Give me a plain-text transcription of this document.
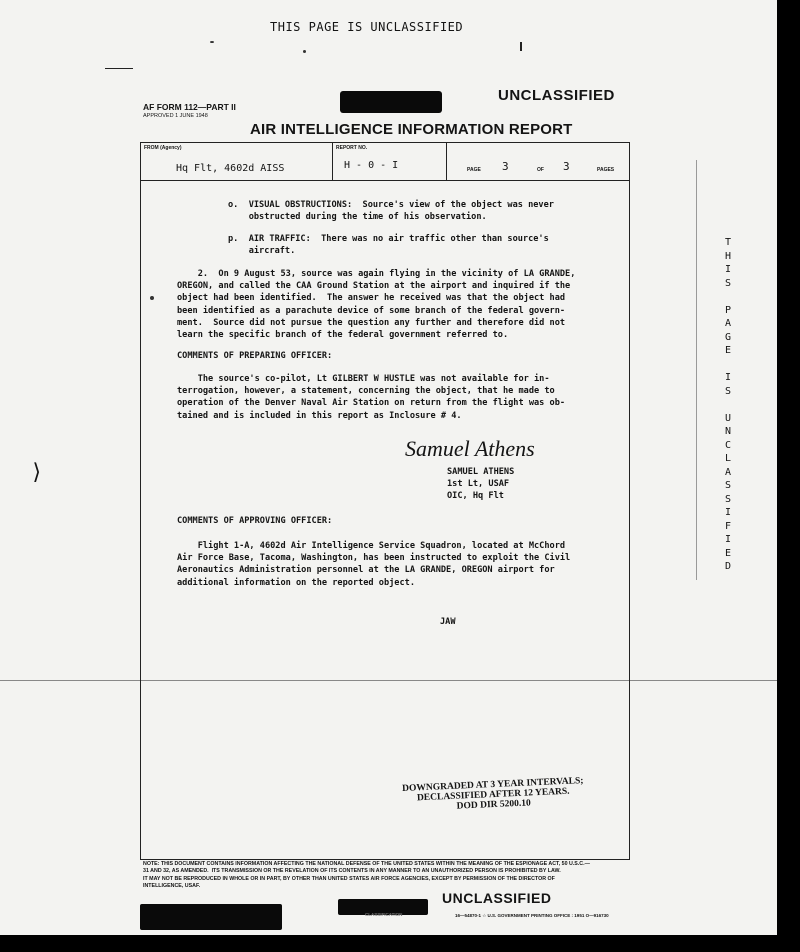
THIS PAGE IS UNCLASSIFIED
⟩
AF FORM 112—PART II
APPROVED 1 JUNE 1948
UNCLASSIFIED
AIR INTELLIGENCE INFORMATION REPORT
FROM (Agency)
Hq Flt, 4602d AISS
REPORT NO.
H - 0 - I	PAGE 3	OF 3	PAGES
o.  VISUAL OBSTRUCTIONS:  Source's view of the object was never
obstructed during the time of his observation.
p.  AIR TRAFFIC:  There was no air traffic other than source's
aircraft.
2.  On 9 August 53, source was again flying in the vicinity of LA GRANDE,
OREGON, and called the CAA Ground Station at the airport and inquired if the
object had been identified.  The answer he received was that the object had
been identified as a parachute device of some branch of the federal govern-
ment.  Source did not pursue the question any further and therefore did not
learn the specific branch of the federal government referred to.
COMMENTS OF PREPARING OFFICER:
The source's co-pilot, Lt GILBERT W HUSTLE was not available for in-
terrogation, however, a statement, concerning the object, that he made to
operation of the Denver Naval Air Station on return from the flight was ob-
tained and is included in this report as Inclosure # 4.
Samuel Athens
SAMUEL ATHENS
1st Lt, USAF
OIC, Hq Flt
COMMENTS OF APPROVING OFFICER:
Flight 1-A, 4602d Air Intelligence Service Squadron, located at McChord
Air Force Base, Tacoma, Washington, has been instructed to exploit the Civil
Aeronautics Administration personnel at the LA GRANDE, OREGON airport for
additional information on the reported object.
JAW
DOWNGRADED AT 3 YEAR INTERVALS;
DECLASSIFIED AFTER 12 YEARS.
DOD DIR 5200.10
NOTE: THIS DOCUMENT CONTAINS INFORMATION AFFECTING THE NATIONAL DEFENSE OF THE UNITED STATES WITHIN THE MEANING OF THE ESPIONAGE ACT, 50 U.S.C.—
31 AND 32, AS AMENDED.  ITS TRANSMISSION OR THE REVELATION OF ITS CONTENTS IN ANY MANNER TO AN UNAUTHORIZED PERSON IS PROHIBITED BY LAW.
IT MAY NOT BE REPRODUCED IN WHOLE OR IN PART, BY OTHER THAN UNITED STATES AIR FORCE AGENCIES, EXCEPT BY PERMISSION OF THE DIRECTOR OF
INTELLIGENCE, USAF.
UNCLASSIFIED
CLASSIFICATION	16—54870-1 ☆ U.S. GOVERNMENT PRINTING OFFICE : 1951 O—916730
T
H
I
S

P
A
G
E

I
S

U
N
C
L
A
S
S
I
F
I
E
D
